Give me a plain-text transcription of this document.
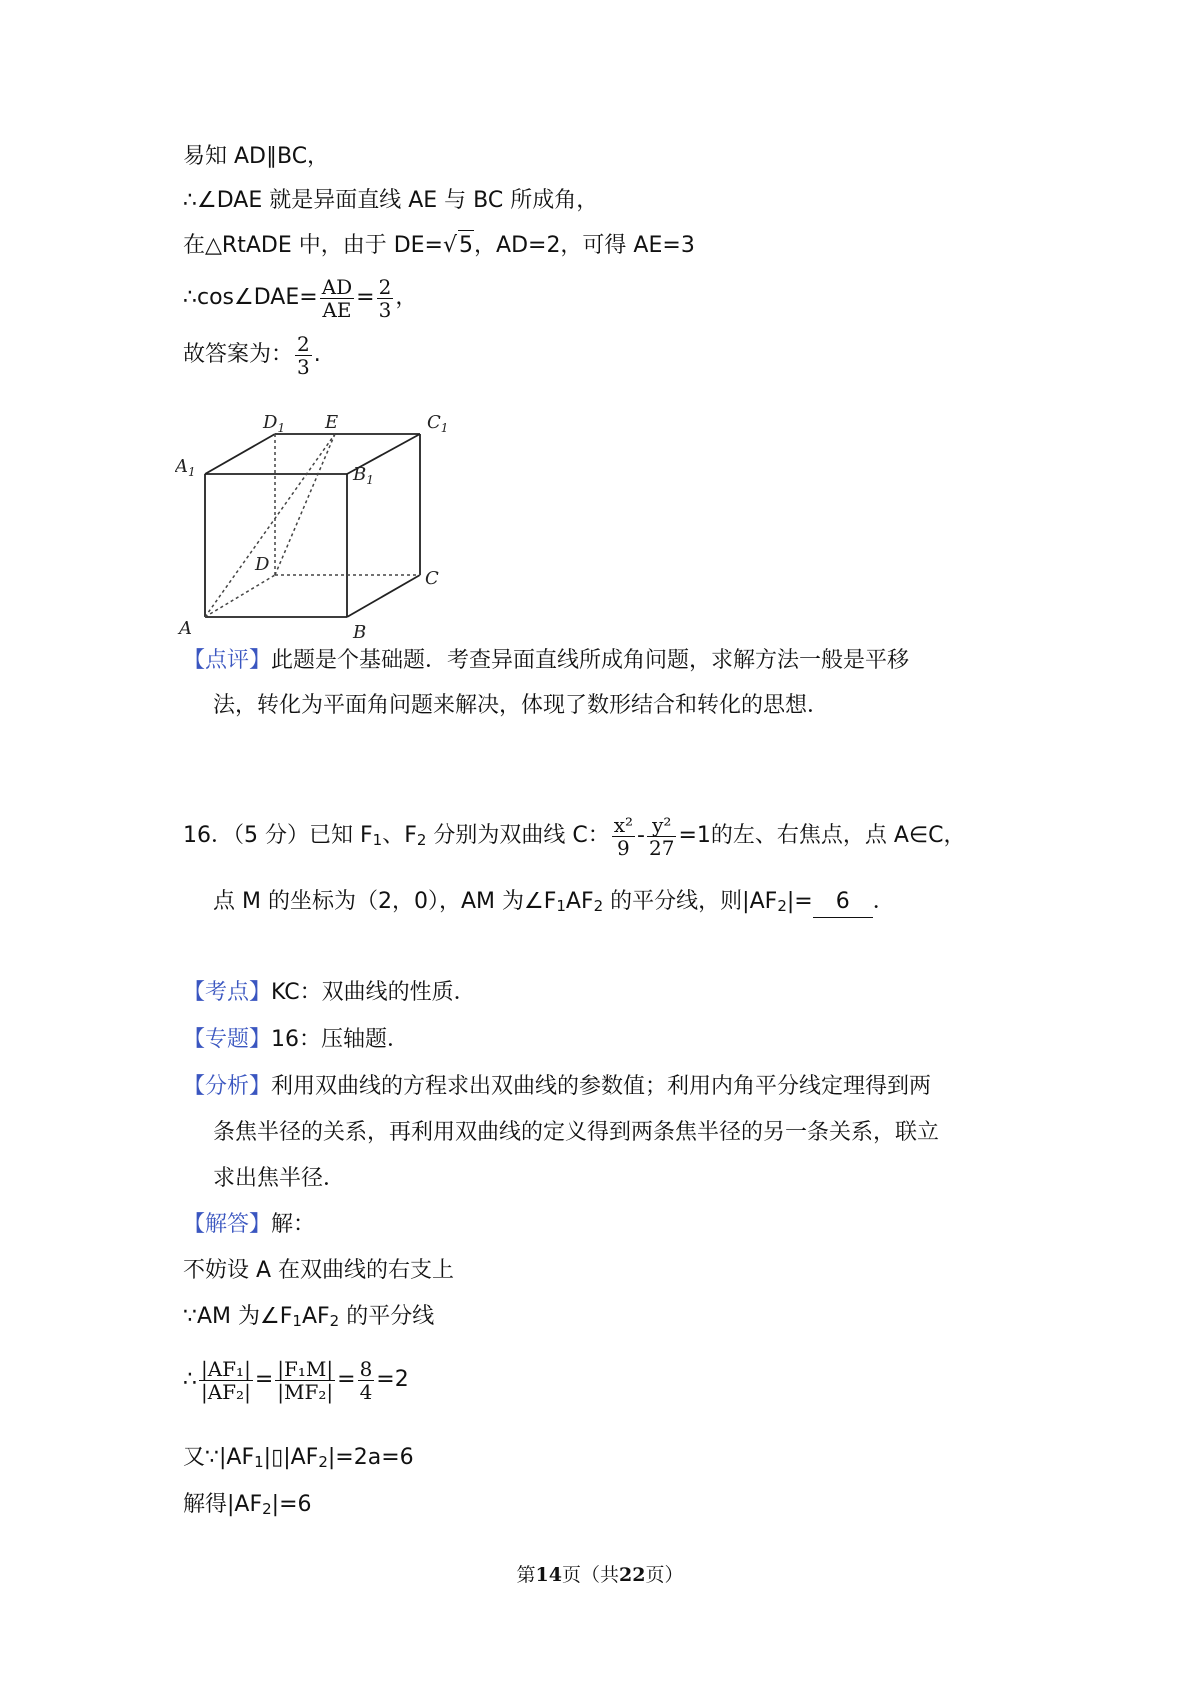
易知 AD∥BC，
∴∠DAE 就是异面直线 AE 与 BC 所成角，
在△RtADE 中，由于 DE=√5，AD=2，可得 AE=3
∴cos∠DAE= $\frac{AD}{AE} = \frac{2}{3}$ ，
故答案为： $\frac{2}{3}$ .
$D_1$ E	$C_1$
$A_1$	$B_1$
D
C
A	B
【点评】此题是个基础题．考查异面直线所成角问题，求解方法一般是平移
法，转化为平面角问题来解决，体现了数形结合和转化的思想．
16．（5 分）已知 $F_1$、$F_2$ 分别为双曲线 C： $\frac{\text{x²}}{9} - \frac{\text{y²}}{27} =1$的左、右焦点，点 A∈C，
点 M 的坐标为（2，0），AM 为$\angle F_1AF_2$ 的平分线，则$|AF_2|= 6$ ．
【考点】KC：双曲线的性质．
【专题】16：压轴题．
【分析】利用双曲线的方程求出双曲线的参数值；利用内角平分线定理得到两
条焦半径的关系，再利用双曲线的定义得到两条焦半径的另一条关系，联立
求出焦半径．
【解答】解：
不妨设 A 在双曲线的右支上
∵AM 为$\angle F_1AF_2$ 的平分线
∴ $\frac{\text{|AF₁|}}{\text{|AF₂|}} = \frac{\text{|F₁M|}}{\text{|MF₂|}} = \frac{8}{4} =2$
又$\because|AF_1|▯|AF_2|=2a=6$
解得$|AF_2|=6$
第14页（共22页）
